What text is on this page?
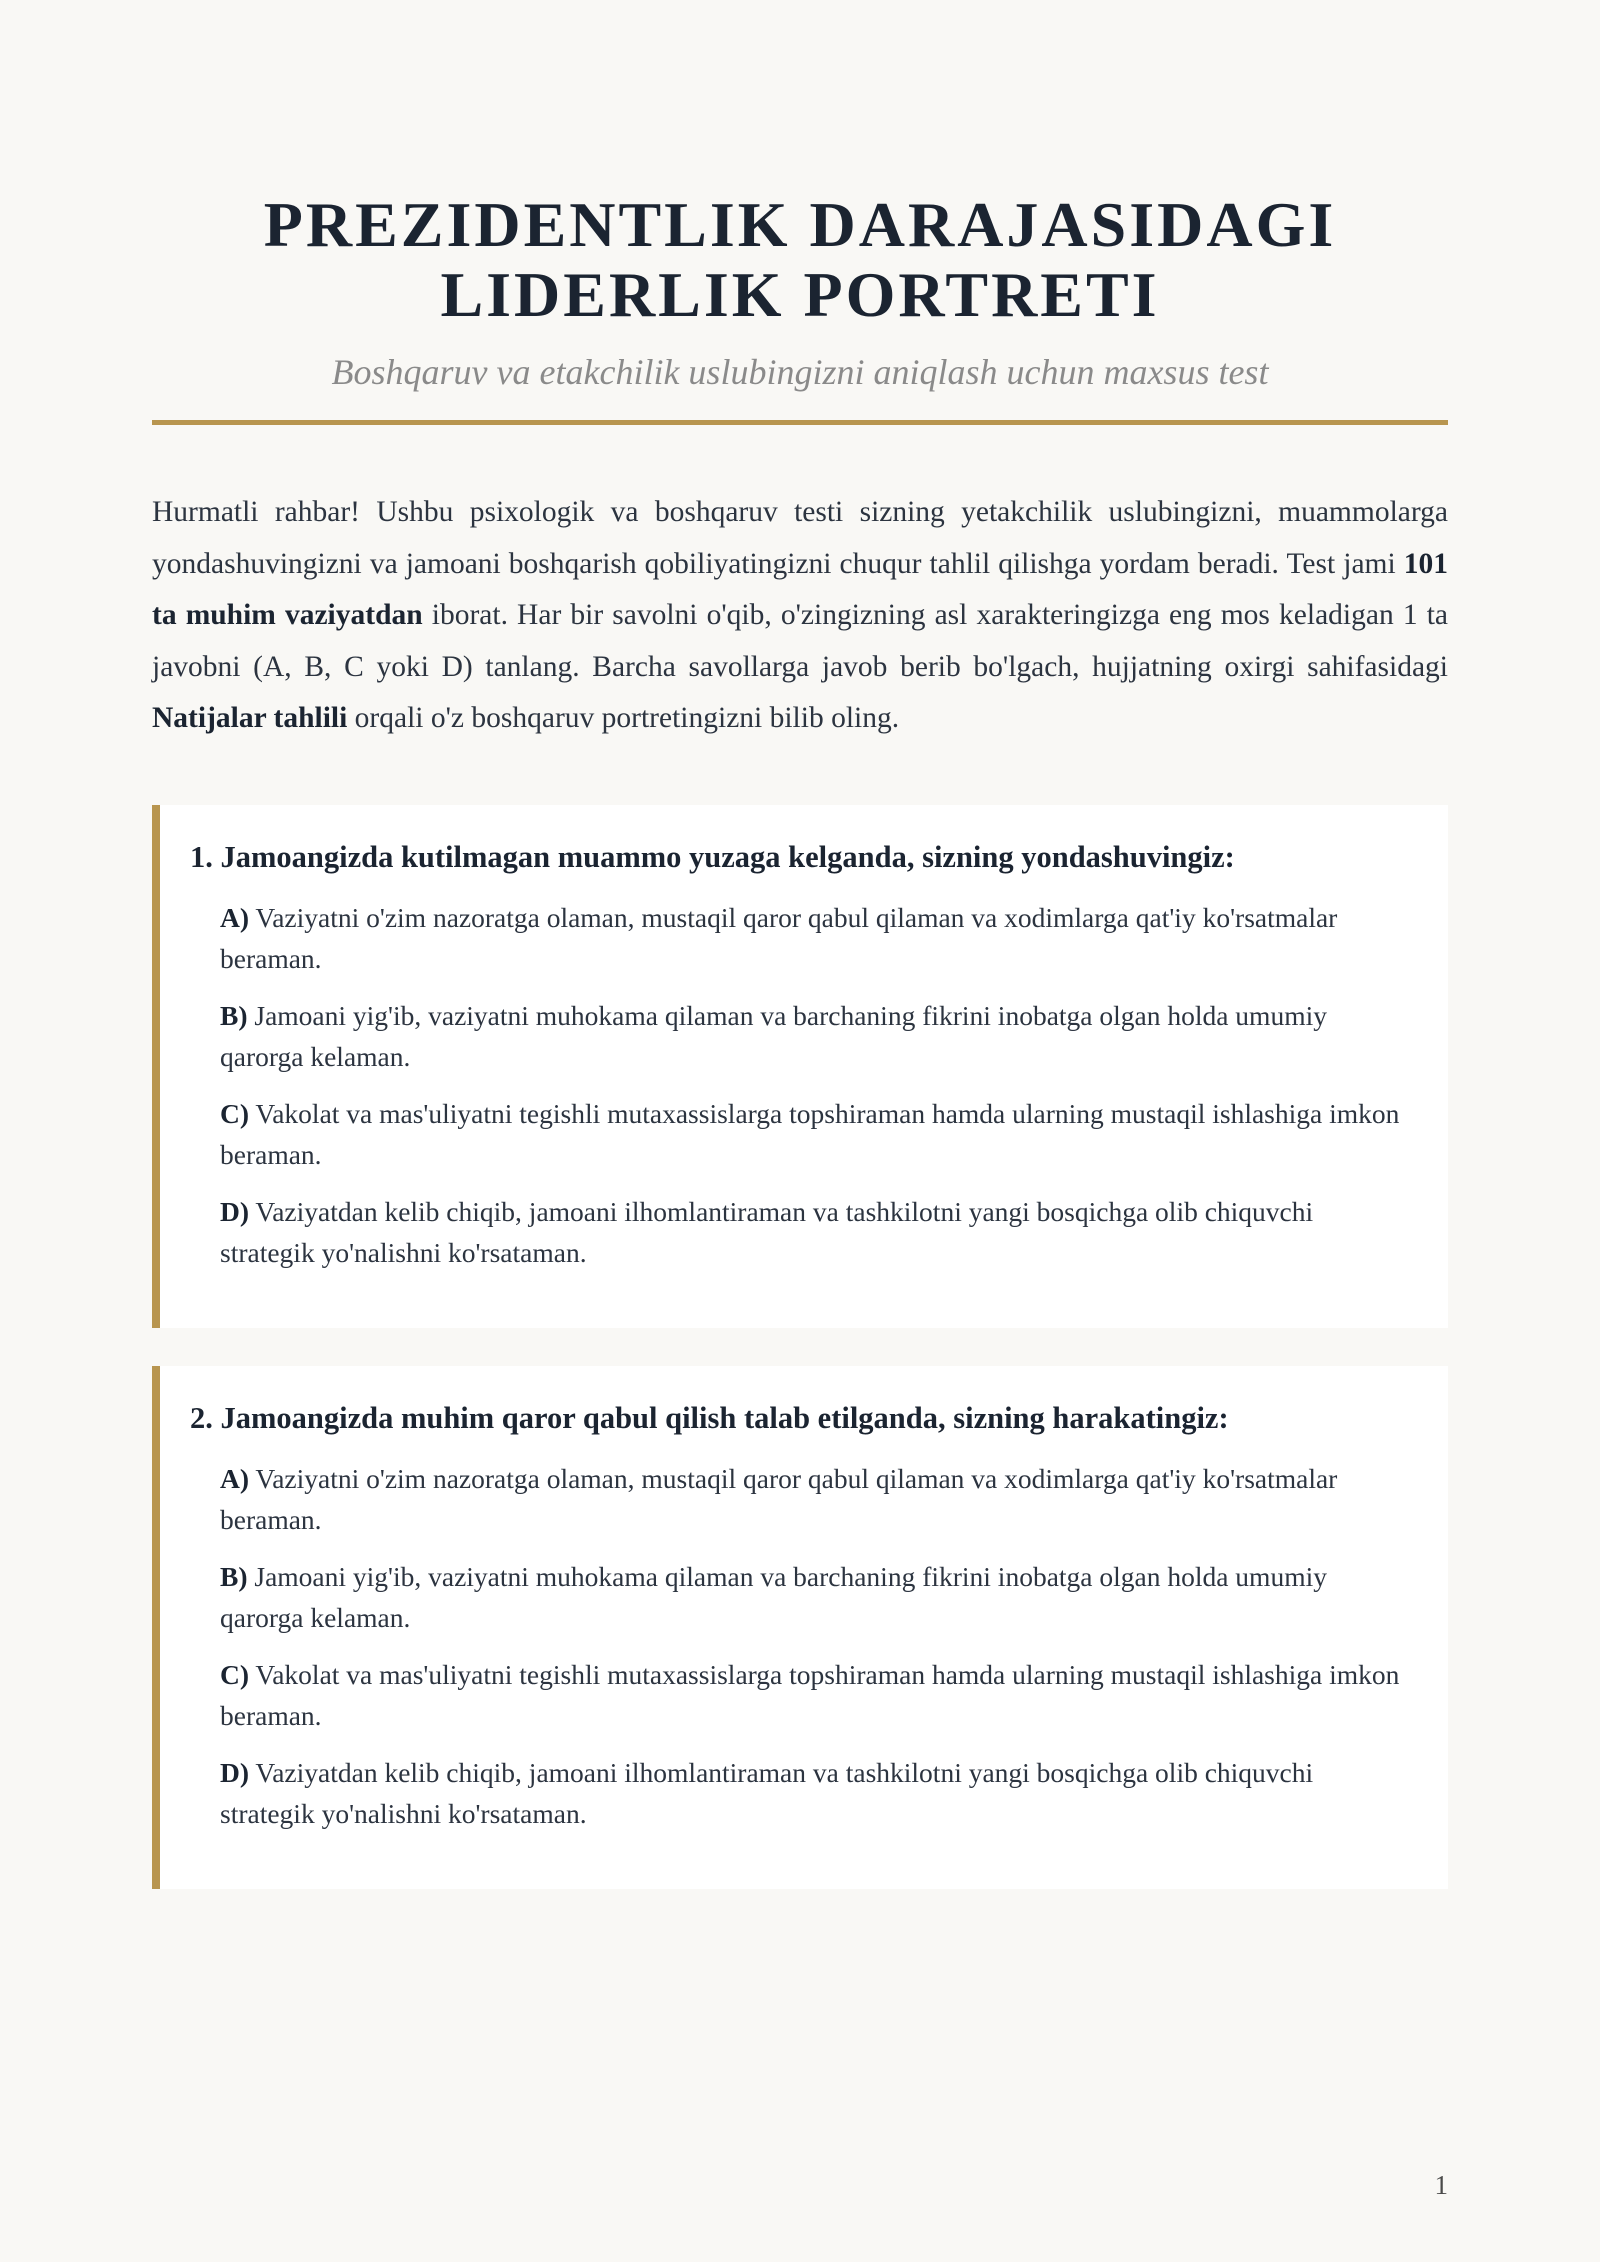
PREZIDENTLIK DARAJASIDAGI
LIDERLIK PORTRETI
Boshqaruv va etakchilik uslubingizni aniqlash uchun maxsus test

Hurmatli rahbar! Ushbu psixologik va boshqaruv testi sizning yetakchilik uslubingizni, muammolarga yondashuvingizni va jamoani boshqarish qobiliyatingizni chuqur tahlil qilishga yordam beradi. Test jami 101 ta muhim vaziyatdan iborat. Har bir savolni o'qib, o'zingizning asl xarakteringizga eng mos keladigan 1 ta javobni (A, B, C yoki D) tanlang. Barcha savollarga javob berib bo'lgach, hujjatning oxirgi sahifasidagi Natijalar tahlili orqali o'z boshqaruv portretingizni bilib oling.

1. Jamoangizda kutilmagan muammo yuzaga kelganda, sizning yondashuvingiz:
A) Vaziyatni o'zim nazoratga olaman, mustaqil qaror qabul qilaman va xodimlarga qat'iy ko'rsatmalar beraman.
B) Jamoani yig'ib, vaziyatni muhokama qilaman va barchaning fikrini inobatga olgan holda umumiy qarorga kelaman.
C) Vakolat va mas'uliyatni tegishli mutaxassislarga topshiraman hamda ularning mustaqil ishlashiga imkon beraman.
D) Vaziyatdan kelib chiqib, jamoani ilhomlantiraman va tashkilotni yangi bosqichga olib chiquvchi strategik yo'nalishni ko'rsataman.
2. Jamoangizda muhim qaror qabul qilish talab etilganda, sizning harakatingiz:
A) Vaziyatni o'zim nazoratga olaman, mustaqil qaror qabul qilaman va xodimlarga qat'iy ko'rsatmalar beraman.
B) Jamoani yig'ib, vaziyatni muhokama qilaman va barchaning fikrini inobatga olgan holda umumiy qarorga kelaman.
C) Vakolat va mas'uliyatni tegishli mutaxassislarga topshiraman hamda ularning mustaqil ishlashiga imkon beraman.
D) Vaziyatdan kelib chiqib, jamoani ilhomlantiraman va tashkilotni yangi bosqichga olib chiquvchi strategik yo'nalishni ko'rsataman.
1
